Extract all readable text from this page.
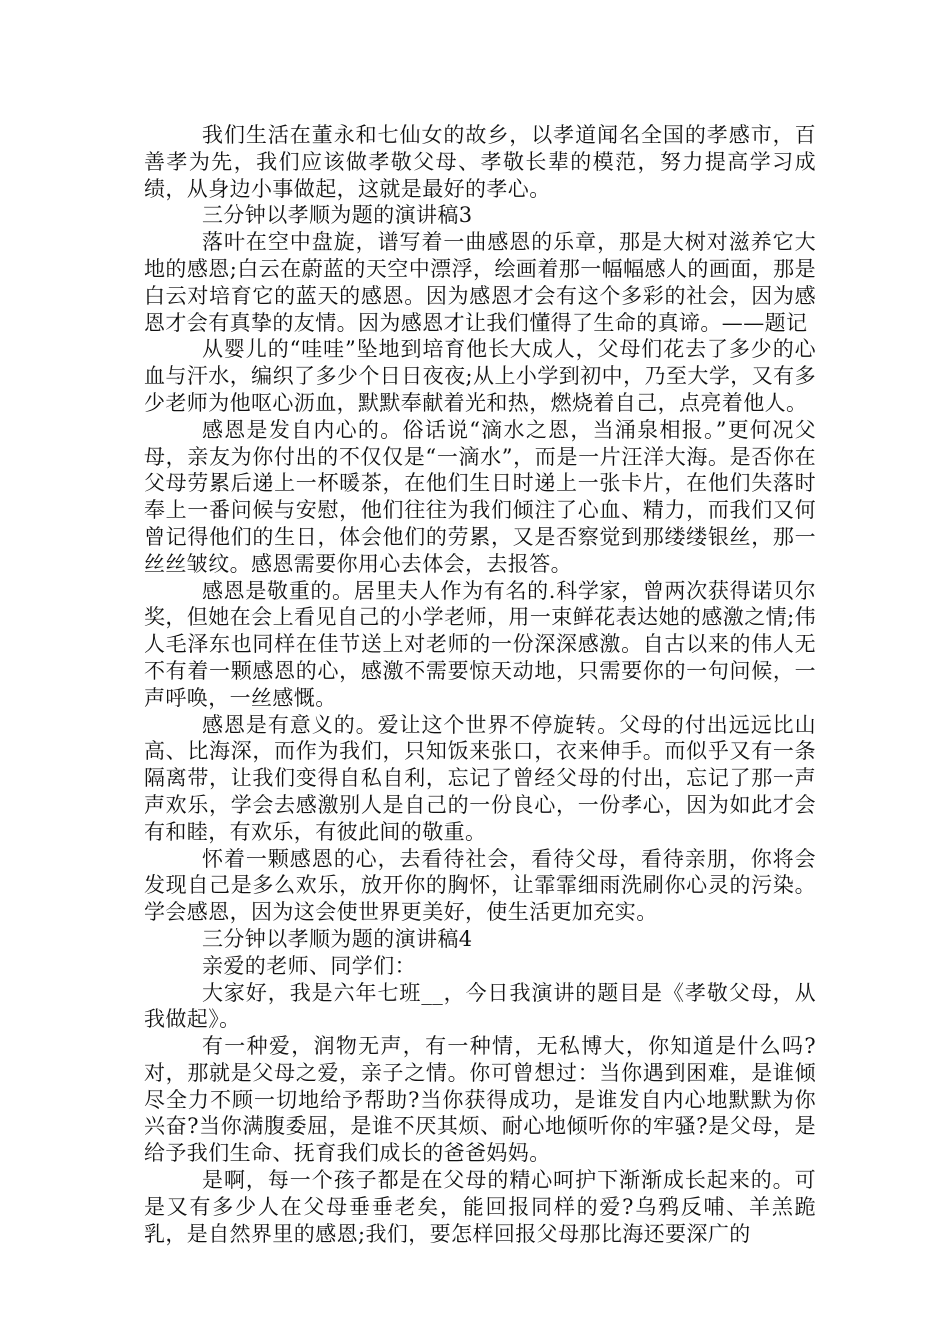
我们生活在董永和七仙女的故乡，以孝道闻名全国的孝感市，百善孝为先，我们应该做孝敬父母、孝敬长辈的模范，努力提高学习成绩，从身边小事做起，这就是最好的孝心。

三分钟以孝顺为题的演讲稿3

落叶在空中盘旋，谱写着一曲感恩的乐章，那是大树对滋养它大地的感恩;白云在蔚蓝的天空中漂浮，绘画着那一幅幅感人的画面，那是白云对培育它的蓝天的感恩。因为感恩才会有这个多彩的社会，因为感恩才会有真挚的友情。因为感恩才让我们懂得了生命的真谛。——题记

从婴儿的“哇哇”坠地到培育他长大成人，父母们花去了多少的心血与汗水，编织了多少个日日夜夜;从上小学到初中，乃至大学，又有多少老师为他呕心沥血，默默奉献着光和热，燃烧着自己，点亮着他人。

感恩是发自内心的。俗话说“滴水之恩，当涌泉相报。”更何况父母，亲友为你付出的不仅仅是“一滴水”，而是一片汪洋大海。是否你在父母劳累后递上一杯暖茶，在他们生日时递上一张卡片，在他们失落时奉上一番问候与安慰，他们往往为我们倾注了心血、精力，而我们又何曾记得他们的生日，体会他们的劳累，又是否察觉到那缕缕银丝，那一丝丝皱纹。感恩需要你用心去体会，去报答。

感恩是敬重的。居里夫人作为有名的.科学家，曾两次获得诺贝尔奖，但她在会上看见自己的小学老师，用一束鲜花表达她的感激之情;伟人毛泽东也同样在佳节送上对老师的一份深深感激。自古以来的伟人无不有着一颗感恩的心，感激不需要惊天动地，只需要你的一句问候，一声呼唤，一丝感慨。

感恩是有意义的。爱让这个世界不停旋转。父母的付出远远比山高、比海深，而作为我们，只知饭来张口，衣来伸手。而似乎又有一条隔离带，让我们变得自私自利，忘记了曾经父母的付出，忘记了那一声声欢乐，学会去感激别人是自己的一份良心，一份孝心，因为如此才会有和睦，有欢乐，有彼此间的敬重。

怀着一颗感恩的心，去看待社会，看待父母，看待亲朋，你将会发现自己是多么欢乐，放开你的胸怀，让霏霏细雨洗刷你心灵的污染。学会感恩，因为这会使世界更美好，使生活更加充实。

三分钟以孝顺为题的演讲稿4

亲爱的老师、同学们：

大家好，我是六年七班__，今日我演讲的题目是《孝敬父母，从我做起》。

有一种爱，润物无声，有一种情，无私博大，你知道是什么吗?对，那就是父母之爱，亲子之情。你可曾想过：当你遇到困难，是谁倾尽全力不顾一切地给予帮助?当你获得成功，是谁发自内心地默默为你兴奋?当你满腹委屈，是谁不厌其烦、耐心地倾听你的牢骚?是父母，是给予我们生命、抚育我们成长的爸爸妈妈。

是啊，每一个孩子都是在父母的精心呵护下渐渐成长起来的。可是又有多少人在父母垂垂老矣，能回报同样的爱?乌鸦反哺、羊羔跪乳，是自然界里的感恩;我们，要怎样回报父母那比海还要深广的
